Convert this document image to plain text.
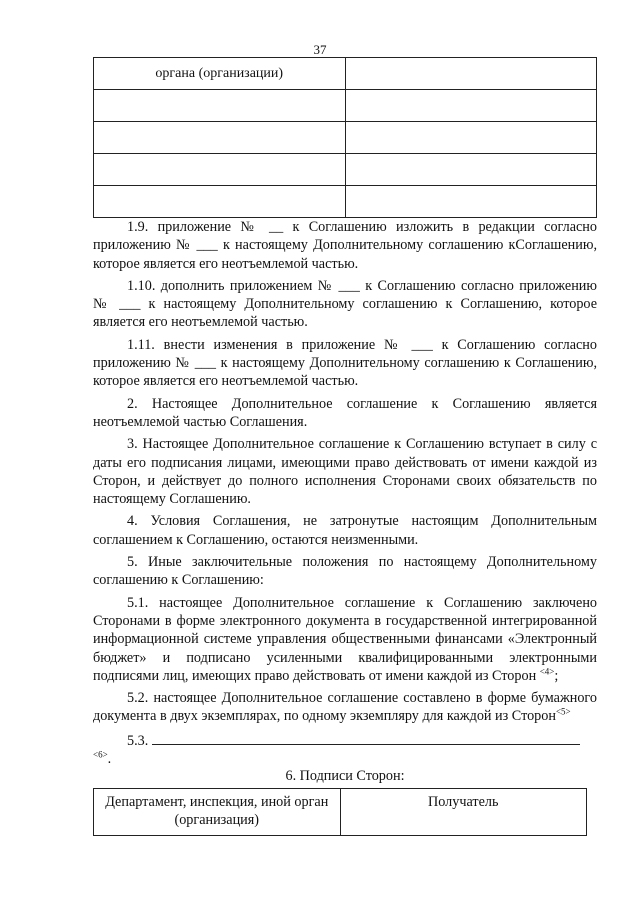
37
органа (организации)	

1.9. приложение № __ к Соглашению изложить в редакции согласно приложению № ___ к настоящему Дополнительному соглашению кСоглашению, которое является его неотъемлемой частью.

1.10. дополнить приложением № ___ к Соглашению согласно приложению № ___ к настоящему Дополнительному соглашению к Соглашению, которое является его неотъемлемой частью.

1.11. внести изменения в приложение № ___ к Соглашению согласно приложению № ___ к настоящему Дополнительному соглашению к Соглашению, которое является его неотъемлемой частью.

2. Настоящее Дополнительное соглашение к Соглашению является неотъемлемой частью Соглашения.

3. Настоящее Дополнительное соглашение к Соглашению вступает в силу с даты его подписания лицами, имеющими право действовать от имени каждой из Сторон, и действует до полного исполнения Сторонами своих обязательств по настоящему Соглашению.

4. Условия Соглашения, не затронутые настоящим Дополнительным соглашением к Соглашению, остаются неизменными.

5. Иные заключительные положения по настоящему Дополнительному соглашению к Соглашению:

5.1. настоящее Дополнительное соглашение к Соглашению заключено Сторонами в форме электронного документа в государственной интегрированной информационной системе управления общественными финансами «Электронный бюджет» и подписано усиленными квалифицированными электронными подписями лиц, имеющих право действовать от имени каждой из Сторон $^{<4>}$;

5.2. настоящее Дополнительное соглашение составлено в форме бумажного документа в двух экземплярах, по одному экземпляру для каждой из Сторон$^{<5>}$

5.3. $^{<6>}$.

6. Подписи Сторон:
Департамент, инспекция, иной орган (организация)	Получатель
